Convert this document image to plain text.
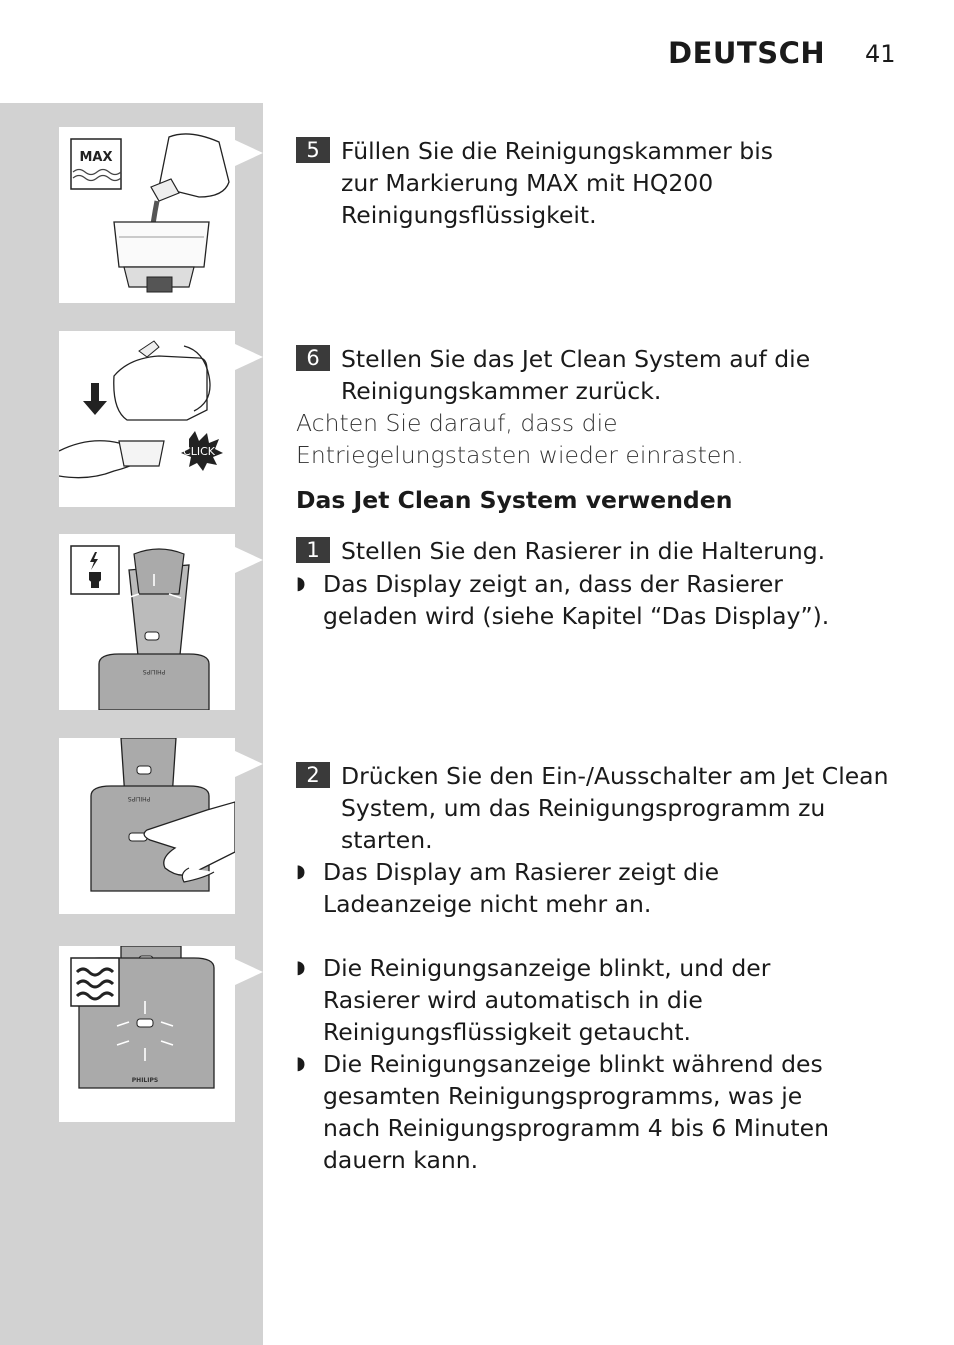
DEUTSCH 41
MAX
CLICK
PHILIPS
PHILIPS
PHILIPS
5 Füllen Sie die Reinigungskammer bis zur Markierung MAX mit HQ200 Reinigungsflüssigkeit.
6 Stellen Sie das Jet Clean System auf die Reinigungskammer zurück.
Achten Sie darauf, dass die Entriegelungstasten wieder einrasten.
Das Jet Clean System verwenden
1 Stellen Sie den Rasierer in die Halterung.
◗ Das Display zeigt an, dass der Rasierer geladen wird (siehe Kapitel “Das Display”).
2 Drücken Sie den Ein-/Ausschalter am Jet Clean System, um das Reinigungsprogramm zu starten.
◗ Das Display am Rasierer zeigt die Ladeanzeige nicht mehr an.
◗ Die Reinigungsanzeige blinkt, und der Rasierer wird automatisch in die Reinigungsflüssigkeit getaucht.
◗ Die Reinigungsanzeige blinkt während des gesamten Reinigungsprogramms, was je nach Reinigungsprogramm 4 bis 6 Minuten dauern kann.
